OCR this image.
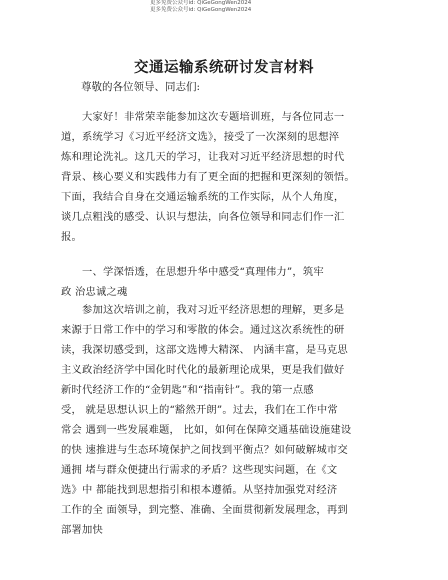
更多免费公众号id: QiGeGongWen2024
更多免费公众号id: QiGeGongWen2024
交通运输系统研讨发言材料
尊敬的各位领导、同志们:
大家好！非常荣幸能参加这次专题培训班，与各位同志一
道，系统学习《习近平经济文选》，接受了一次深刻的思想淬
炼和理论洗礼。这几天的学习，让我对习近平经济思想的时代
背景、核心要义和实践伟力有了更全面的把握和更深刻的领悟。
下面，我结合自身在交通运输系统的工作实际，从个人角度，
谈几点粗浅的感受、认识与想法，向各位领导和同志们作一汇
报。
一、学深悟透，在思想升华中感受“真理伟力”，筑牢
政 治忠诚之魂
参加这次培训之前，我对习近平经济思想的理解，更多是
来源于日常工作中的学习和零散的体会。通过这次系统性的研
读，我深切感受到，这部文选博大精深、 内涵丰富，是马克思
主义政治经济学中国化时代化的最新理论成果，更是我们做好
新时代经济工作的“金钥匙”和“指南针”。我的第一点感
受， 就是思想认识上的“豁然开朗”。过去，我们在工作中常
常会 遇到一些发展难题， 比如，如何在保障交通基础设施建设
的快 速推进与生态环境保护之间找到平衡点？如何破解城市交
通拥 堵与群众便捷出行需求的矛盾？这些现实问题，在《文
选》中 都能找到思想指引和根本遵循。从坚持加强党对经济
工作的全 面领导，到完整、准确、全面贯彻新发展理念，再到
部署加快
